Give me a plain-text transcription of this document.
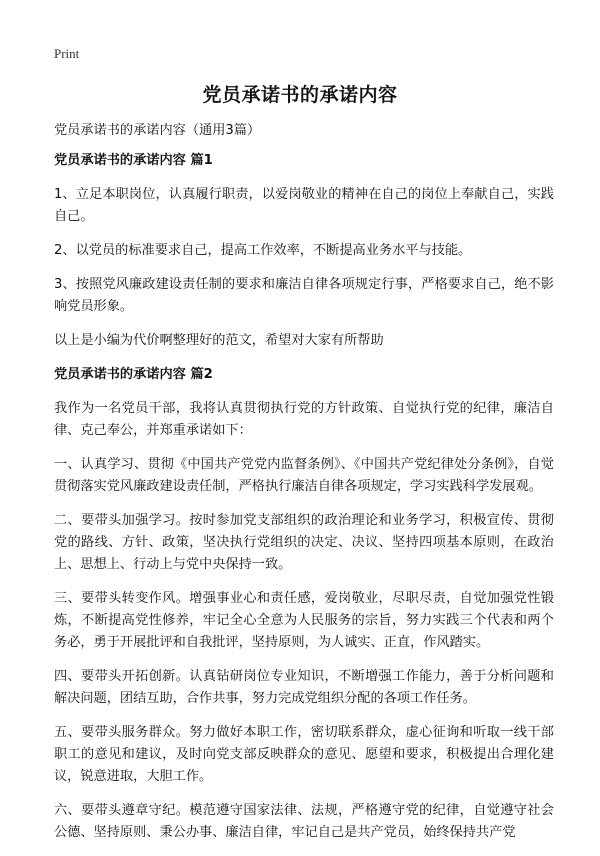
Print
党员承诺书的承诺内容
党员承诺书的承诺内容（通用3篇）
党员承诺书的承诺内容 篇1

1、立足本职岗位，认真履行职责，以爱岗敬业的精神在自己的岗位上奉献自己，实践自己。

2、以党员的标准要求自己，提高工作效率，不断提高业务水平与技能。

3、按照党风廉政建设责任制的要求和廉洁自律各项规定行事，严格要求自己，绝不影响党员形象。

以上是小编为代价啊整理好的范文，希望对大家有所帮助

党员承诺书的承诺内容 篇2

我作为一名党员干部，我将认真贯彻执行党的方针政策、自觉执行党的纪律，廉洁自律、克己奉公，并郑重承诺如下：

一、认真学习、贯彻《中国共产党党内监督条例》、《中国共产党纪律处分条例》，自觉贯彻落实党风廉政建设责任制，严格执行廉洁自律各项规定，学习实践科学发展观。

二、要带头加强学习。按时参加党支部组织的政治理论和业务学习，积极宣传、贯彻党的路线、方针、政策，坚决执行党组织的决定、决议、坚持四项基本原则，在政治上、思想上、行动上与党中央保持一致。

三、要带头转变作风。增强事业心和责任感，爱岗敬业，尽职尽责，自觉加强党性锻炼，不断提高党性修养，牢记全心全意为人民服务的宗旨，努力实践三个代表和两个务必，勇于开展批评和自我批评，坚持原则，为人诚实、正直，作风踏实。

四、要带头开拓创新。认真钻研岗位专业知识，不断增强工作能力，善于分析问题和解决问题，团结互助，合作共事，努力完成党组织分配的各项工作任务。

五、要带头服务群众。努力做好本职工作，密切联系群众，虚心征询和听取一线干部 职工的意见和建议，及时向党支部反映群众的意见、愿望和要求，积极提出合理化建议，锐意进取，大胆工作。

六、要带头遵章守纪。模范遵守国家法律、法规，严格遵守党的纪律，自觉遵守社会公德、坚持原则、秉公办事、廉洁自律，牢记自己是共产党员，始终保持共产党
